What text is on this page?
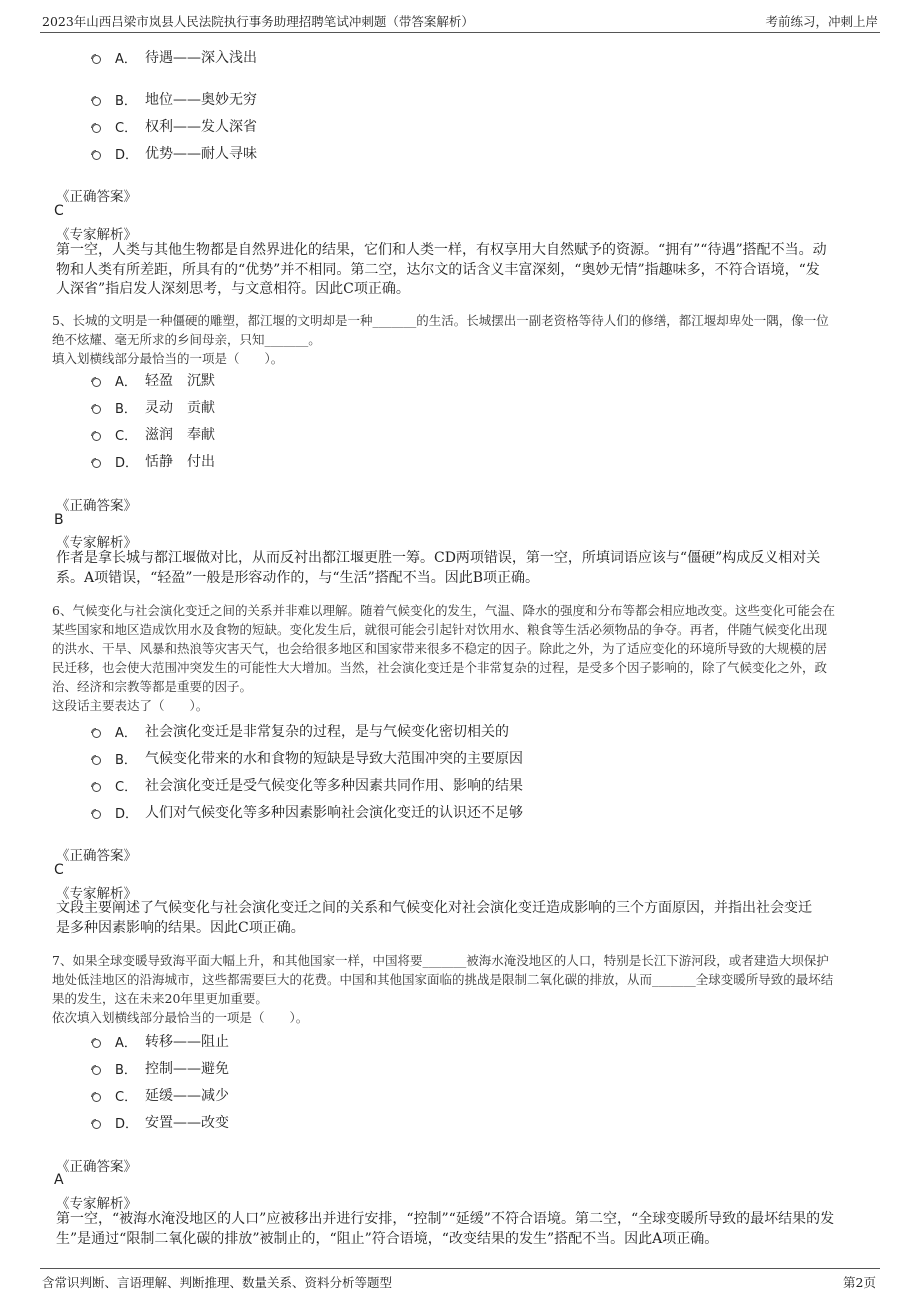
2023年山西吕梁市岚县人民法院执行事务助理招聘笔试冲刺题（带答案解析）	考前练习，冲刺上岸
A． 待遇——深入浅出
B． 地位——奥妙无穷
C． 权利——发人深省
D． 优势——耐人寻味
《正确答案》
C
《专家解析》
第一空，人类与其他生物都是自然界进化的结果，它们和人类一样，有权享用大自然赋予的资源。“拥有”“待遇”搭配不当。动
物和人类有所差距，所具有的“优势”并不相同。第二空，达尔文的话含义丰富深刻，“奥妙无情”指趣味多，不符合语境，“发
人深省”指启发人深刻思考，与文意相符。因此C项正确。
5、长城的文明是一种僵硬的雕塑，都江堰的文明却是一种_______的生活。长城摆出一副老资格等待人们的修缮，都江堰却卑处一隅，像一位
绝不炫耀、毫无所求的乡间母亲，只知_______。
填入划横线部分最恰当的一项是（　　）。
A． 轻盈　沉默
B． 灵动　贡献
C． 滋润　奉献
D． 恬静　付出
《正确答案》
B
《专家解析》
作者是拿长城与都江堰做对比，从而反衬出都江堰更胜一筹。CD两项错误，第一空，所填词语应该与“僵硬”构成反义相对关
系。A项错误，“轻盈”一般是形容动作的，与“生活”搭配不当。因此B项正确。
6、气候变化与社会演化变迁之间的关系并非难以理解。随着气候变化的发生，气温、降水的强度和分布等都会相应地改变。这些变化可能会在
某些国家和地区造成饮用水及食物的短缺。变化发生后，就很可能会引起针对饮用水、粮食等生活必须物品的争夺。再者，伴随气候变化出现
的洪水、干旱、风暴和热浪等灾害天气，也会给很多地区和国家带来很多不稳定的因子。除此之外，为了适应变化的环境所导致的大规模的居
民迁移，也会使大范围冲突发生的可能性大大增加。当然，社会演化变迁是个非常复杂的过程，是受多个因子影响的，除了气候变化之外，政
治、经济和宗教等都是重要的因子。
这段话主要表达了（　　）。
A． 社会演化变迁是非常复杂的过程，是与气候变化密切相关的
B． 气候变化带来的水和食物的短缺是导致大范围冲突的主要原因
C． 社会演化变迁是受气候变化等多种因素共同作用、影响的结果
D． 人们对气候变化等多种因素影响社会演化变迁的认识还不足够
《正确答案》
C
《专家解析》
文段主要阐述了气候变化与社会演化变迁之间的关系和气候变化对社会演化变迁造成影响的三个方面原因，并指出社会变迁
是多种因素影响的结果。因此C项正确。
7、如果全球变暖导致海平面大幅上升，和其他国家一样，中国将要_______被海水淹没地区的人口，特别是长江下游河段，或者建造大坝保护
地处低洼地区的沿海城市，这些都需要巨大的花费。中国和其他国家面临的挑战是限制二氧化碳的排放，从而_______全球变暖所导致的最坏结
果的发生，这在未来20年里更加重要。
依次填入划横线部分最恰当的一项是（　　）。
A． 转移——阻止
B． 控制——避免
C． 延缓——减少
D． 安置——改变
《正确答案》
A
《专家解析》
第一空，“被海水淹没地区的人口”应被移出并进行安排，“控制”“延缓”不符合语境。第二空，“全球变暖所导致的最坏结果的发
生”是通过“限制二氧化碳的排放”被制止的，“阻止”符合语境，“改变结果的发生”搭配不当。因此A项正确。
含常识判断、言语理解、判断推理、数量关系、资料分析等题型	第2页
